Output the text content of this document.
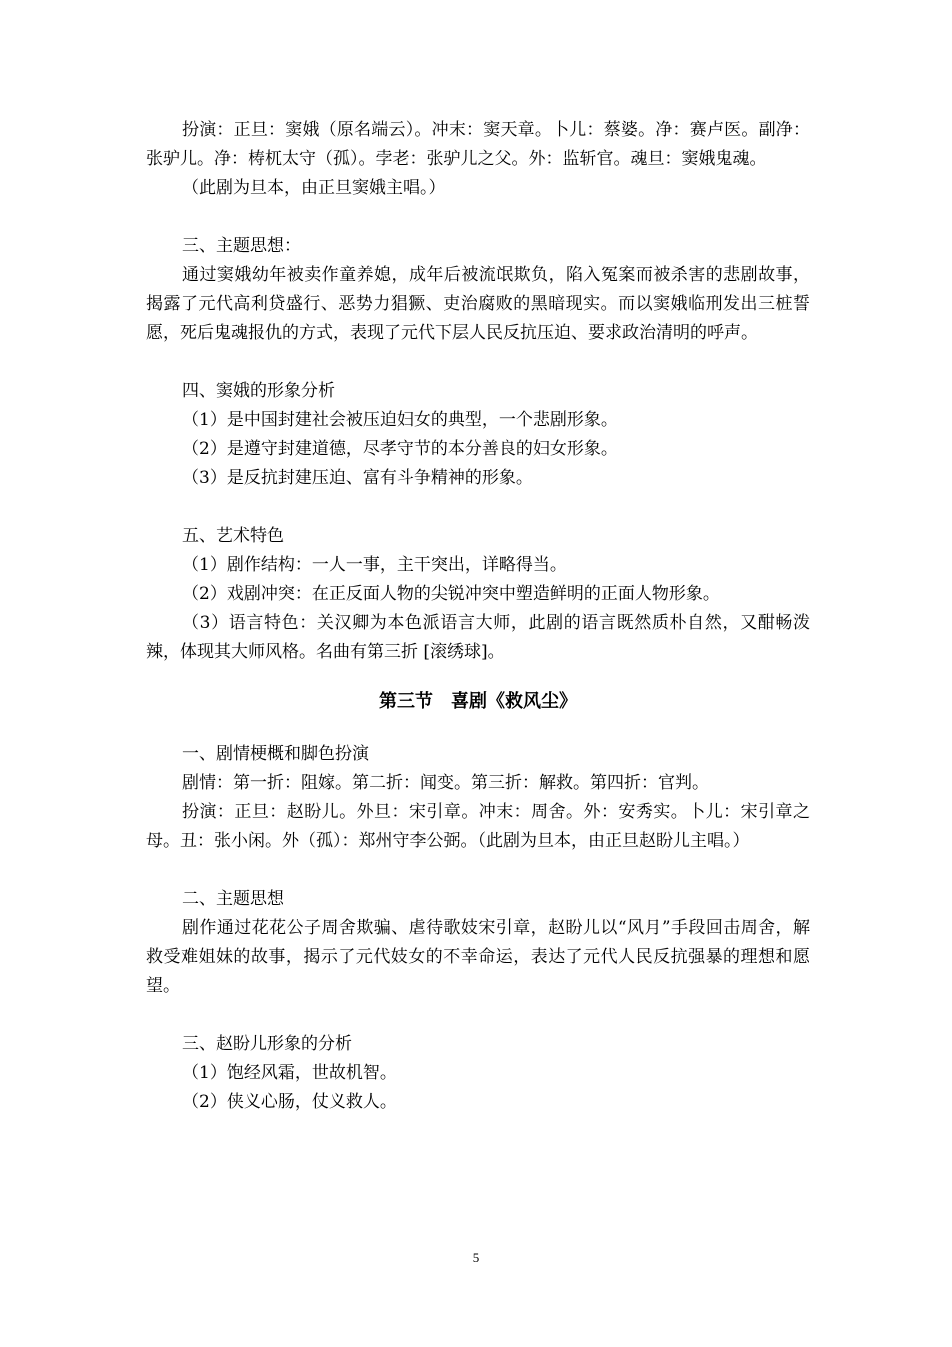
扮演：正旦：窦娥（原名端云）。冲末：窦天章。卜儿：蔡婆。净：赛卢医。副净：张驴儿。净：梼杌太守（孤）。孛老：张驴儿之父。外：监斩官。魂旦：窦娥鬼魂。

（此剧为旦本，由正旦窦娥主唱。）

三、主题思想：

通过窦娥幼年被卖作童养媳，成年后被流氓欺负，陷入冤案而被杀害的悲剧故事，揭露了元代高利贷盛行、恶势力猖獗、吏治腐败的黑暗现实。而以窦娥临刑发出三桩誓愿，死后鬼魂报仇的方式，表现了元代下层人民反抗压迫、要求政治清明的呼声。

四、窦娥的形象分析

（1）是中国封建社会被压迫妇女的典型，一个悲剧形象。

（2）是遵守封建道德，尽孝守节的本分善良的妇女形象。

（3）是反抗封建压迫、富有斗争精神的形象。

五、艺术特色

（1）剧作结构：一人一事，主干突出，详略得当。

（2）戏剧冲突：在正反面人物的尖锐冲突中塑造鲜明的正面人物形象。

（3）语言特色：关汉卿为本色派语言大师，此剧的语言既然质朴自然，又酣畅泼辣，体现其大师风格。名曲有第三折 [滚绣球]。

第三节　喜剧《救风尘》

一、剧情梗概和脚色扮演

剧情：第一折：阻嫁。第二折：闻变。第三折：解救。第四折：官判。

扮演：正旦：赵盼儿。外旦：宋引章。冲末：周舍。外：安秀实。卜儿：宋引章之母。丑：张小闲。外（孤）：郑州守李公弼。（此剧为旦本，由正旦赵盼儿主唱。）

二、主题思想

剧作通过花花公子周舍欺骗、虐待歌妓宋引章，赵盼儿以“风月”手段回击周舍，解救受难姐妹的故事，揭示了元代妓女的不幸命运，表达了元代人民反抗强暴的理想和愿望。

三、赵盼儿形象的分析

（1）饱经风霜，世故机智。

（2）侠义心肠，仗义救人。

5
